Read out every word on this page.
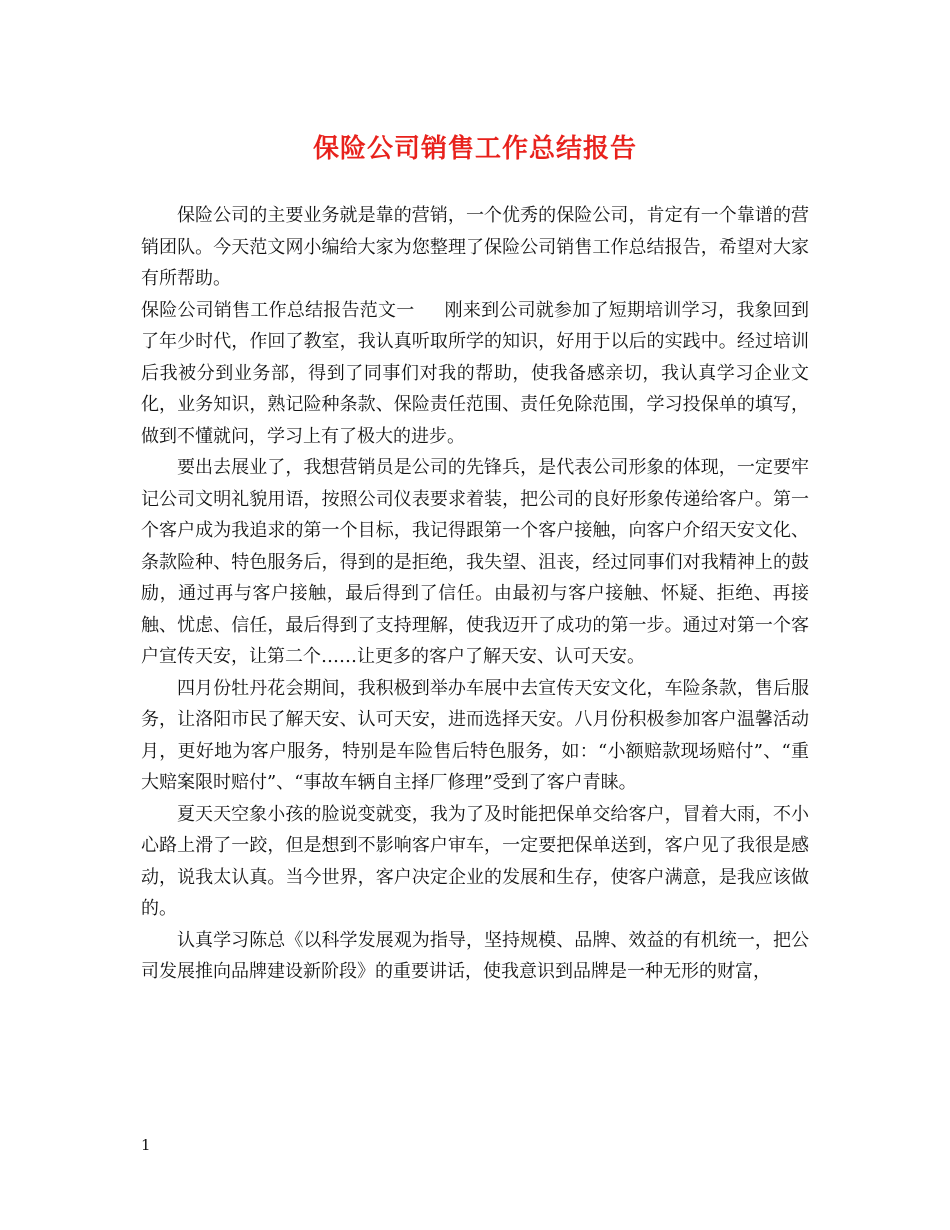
保险公司销售工作总结报告

保险公司的主要业务就是靠的营销，一个优秀的保险公司，肯定有一个靠谱的营销团队。今天范文网小编给大家为您整理了保险公司销售工作总结报告，希望对大家有所帮助。

保险公司销售工作总结报告范文一 刚来到公司就参加了短期培训学习，我象回到了年少时代，作回了教室，我认真听取所学的知识，好用于以后的实践中。经过培训后我被分到业务部，得到了同事们对我的帮助，使我备感亲切，我认真学习企业文化，业务知识，熟记险种条款、保险责任范围、责任免除范围，学习投保单的填写，做到不懂就问，学习上有了极大的进步。

要出去展业了，我想营销员是公司的先锋兵，是代表公司形象的体现，一定要牢记公司文明礼貌用语，按照公司仪表要求着装，把公司的良好形象传递给客户。第一个客户成为我追求的第一个目标，我记得跟第一个客户接触，向客户介绍天安文化、条款险种、特色服务后，得到的是拒绝，我失望、沮丧，经过同事们对我精神上的鼓励，通过再与客户接触，最后得到了信任。由最初与客户接触、怀疑、拒绝、再接触、忧虑、信任，最后得到了支持理解，使我迈开了成功的第一步。通过对第一个客户宣传天安，让第二个……让更多的客户了解天安、认可天安。

四月份牡丹花会期间，我积极到举办车展中去宣传天安文化，车险条款，售后服务，让洛阳市民了解天安、认可天安，进而选择天安。八月份积极参加客户温馨活动月，更好地为客户服务，特别是车险售后特色服务，如：“小额赔款现场赔付”、“重大赔案限时赔付”、“事故车辆自主择厂修理”受到了客户青睐。

夏天天空象小孩的脸说变就变，我为了及时能把保单交给客户，冒着大雨，不小心路上滑了一跤，但是想到不影响客户审车，一定要把保单送到，客户见了我很是感动，说我太认真。当今世界，客户决定企业的发展和生存，使客户满意，是我应该做的。

认真学习陈总《以科学发展观为指导，坚持规模、品牌、效益的有机统一，把公司发展推向品牌建设新阶段》的重要讲话，使我意识到品牌是一种无形的财富，

1
